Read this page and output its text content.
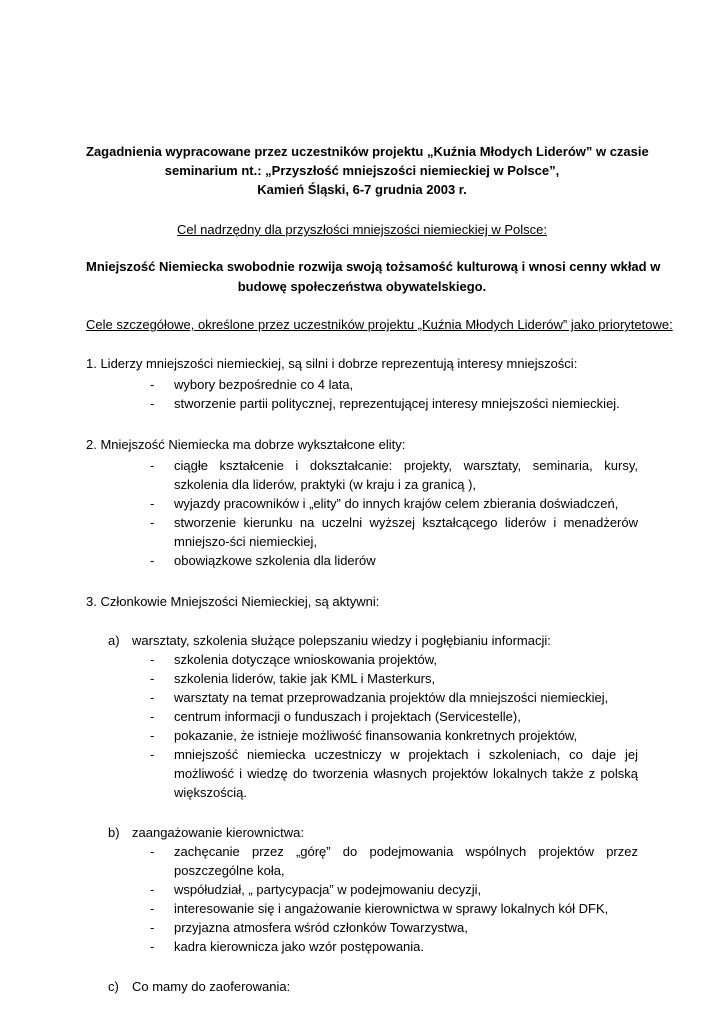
Zagadnienia wypracowane przez uczestników projektu „Kuźnia Młodych Liderów” w czasie
seminarium nt.: „Przyszłość mniejszości niemieckiej w Polsce”,
Kamień Śląski, 6-7 grudnia 2003 r.
Cel nadrzędny dla przyszłości mniejszości niemieckiej w Polsce:
Mniejszość Niemiecka swobodnie rozwija swoją tożsamość kulturową i wnosi cenny wkład w
budowę społeczeństwa obywatelskiego.
Cele szczegółowe, określone przez uczestników projektu „Kuźnia Młodych Liderów” jako priorytetowe:
1. Liderzy mniejszości niemieckiej, są silni i dobrze reprezentują interesy mniejszości:
- wybory bezpośrednie co 4 lata,
- stworzenie partii politycznej, reprezentującej interesy mniejszości niemieckiej.
2. Mniejszość Niemiecka ma dobrze wykształcone elity:
- ciągłe kształcenie i dokształcanie: projekty, warsztaty, seminaria, kursy, szkolenia dla liderów, praktyki (w kraju i za granicą ),
- wyjazdy pracowników i „elity” do innych krajów celem zbierania doświadczeń,
- stworzenie kierunku na uczelni wyższej kształcącego liderów i menadżerów mniejszo-ści niemieckiej,
- obowiązkowe szkolenia dla liderów
3. Członkowie Mniejszości Niemieckiej, są aktywni:
a) warsztaty, szkolenia służące polepszaniu wiedzy i pogłębianiu informacji:
- szkolenia dotyczące wnioskowania projektów,
- szkolenia liderów, takie jak KML i Masterkurs,
- warsztaty na temat przeprowadzania projektów dla mniejszości niemieckiej,
- centrum informacji o funduszach i projektach (Servicestelle),
- pokazanie, że istnieje możliwość finansowania konkretnych projektów,
- mniejszość niemiecka uczestniczy w projektach i szkoleniach, co daje jej możliwość i wiedzę do tworzenia własnych projektów lokalnych także z polską większością.
b) zaangażowanie kierownictwa:
- zachęcanie przez „górę” do podejmowania wspólnych projektów przez poszczególne koła,
- współudział, „ partycypacja” w podejmowaniu decyzji,
- interesowanie się i angażowanie kierownictwa w sprawy lokalnych kół DFK,
- przyjazna atmosfera wśród członków Towarzystwa,
- kadra kierownicza jako wzór postępowania.
c) Co mamy do zaoferowania:
